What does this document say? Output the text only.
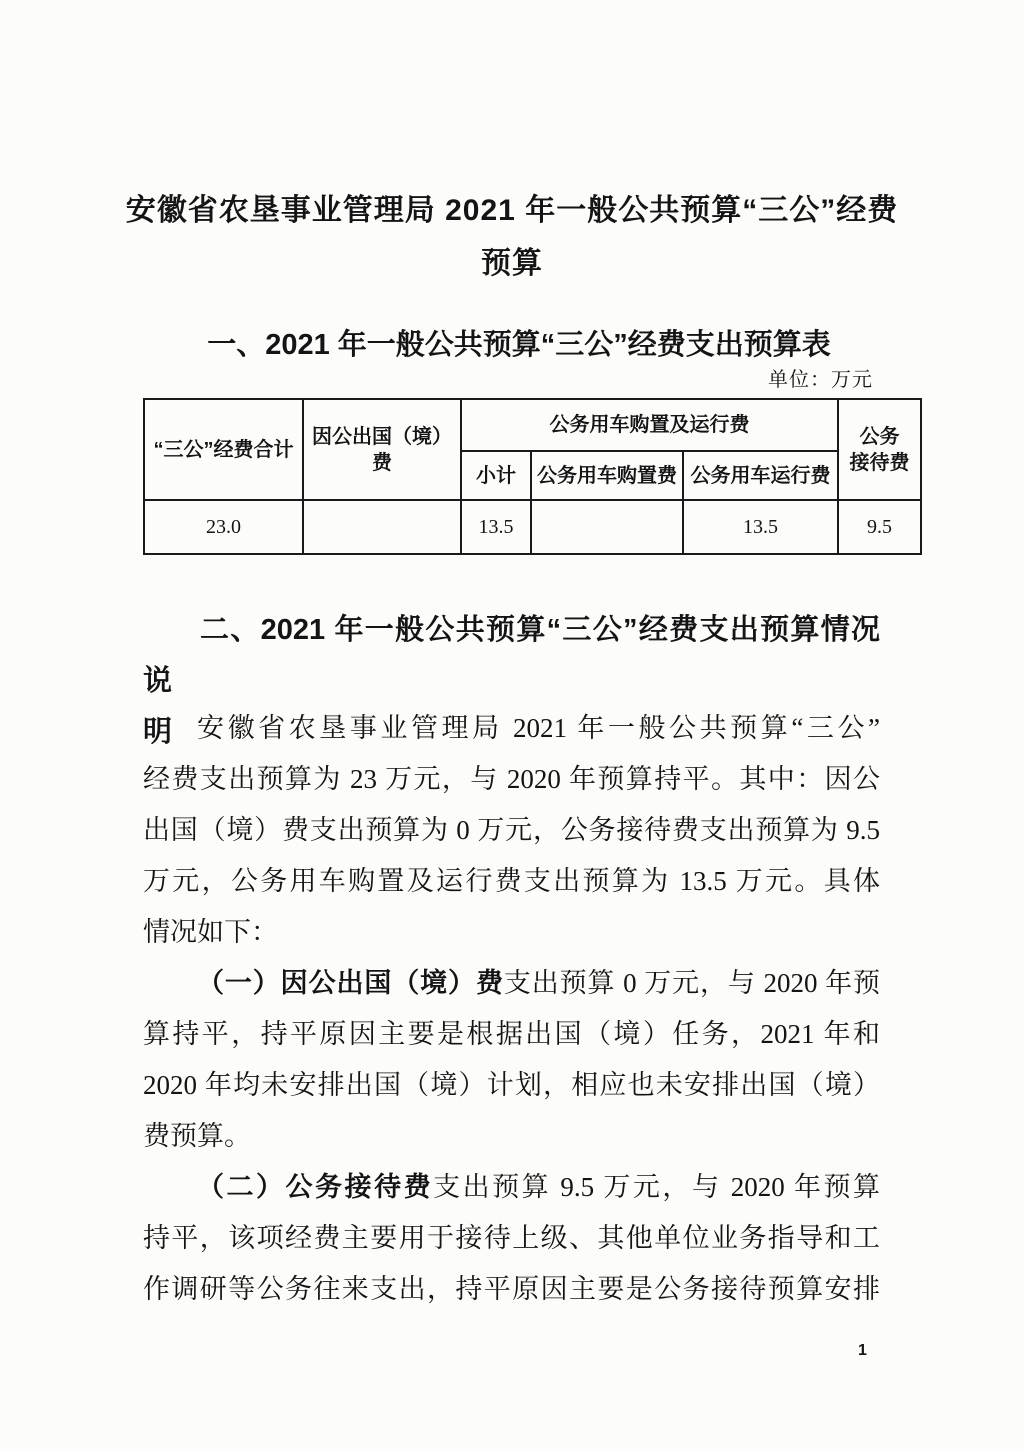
安徽省农垦事业管理局 2021 年一般公共预算“三公”经费
预算
一、2021 年一般公共预算“三公”经费支出预算表
单位：万元
“三公”经费合计	因公出国（境）费	公务用车购置及运行费			公务
接待费
		小计	公务用车购置费	公务用车运行费	
23.0		13.5		13.5	9.5
二、2021 年一般公共预算“三公”经费支出预算情况说
明 安徽省农垦事业管理局 2021 年一般公共预算“三公”
经费支出预算为 23 万元，与 2020 年预算持平。其中：因公
出国（境）费支出预算为 0 万元，公务接待费支出预算为 9.5
万元，公务用车购置及运行费支出预算为 13.5 万元。具体
情况如下：
（一）因公出国（境）费支出预算 0 万元，与 2020 年预
算持平，持平原因主要是根据出国（境）任务，2021 年和
2020 年均未安排出国（境）计划，相应也未安排出国（境）
费预算。
（二）公务接待费支出预算 9.5 万元，与 2020 年预算
持平，该项经费主要用于接待上级、其他单位业务指导和工
作调研等公务往来支出，持平原因主要是公务接待预算安排
1
